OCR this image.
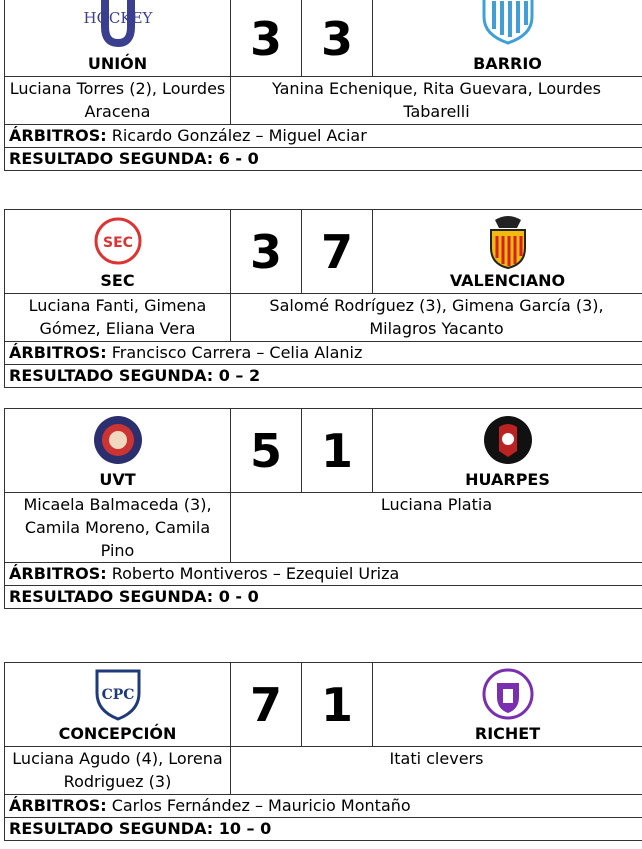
HOCKEY
UNIÓN	3	3	BARRIO

Luciana Torres (2), Lourdes Aracena	Yanina Echenique, Rita Guevara, Lourdes Tabarelli		
ÁRBITROS: Ricardo González – Miguel Aciar			
RESULTADO SEGUNDA: 6 - 0			
SEC
SEC	3	7	VALENCIANO

Luciana Fanti, Gimena Gómez, Eliana Vera	Salomé Rodríguez (3), Gimena García (3), Milagros Yacanto		
ÁRBITROS: Francisco Carrera – Celia Alaniz			
RESULTADO SEGUNDA: 0 – 2			
UVT	5	1	HUARPES

Micaela Balmaceda (3), Camila Moreno, Camila Pino	Luciana Platia		
ÁRBITROS: Roberto Montiveros – Ezequiel Uriza			
RESULTADO SEGUNDA: 0 - 0			
CPC
CONCEPCIÓN	7	1	RICHET

Luciana Agudo (4), Lorena Rodriguez (3)	Itati clevers		
ÁRBITROS: Carlos Fernández – Mauricio Montaño			
RESULTADO SEGUNDA: 10 – 0			
